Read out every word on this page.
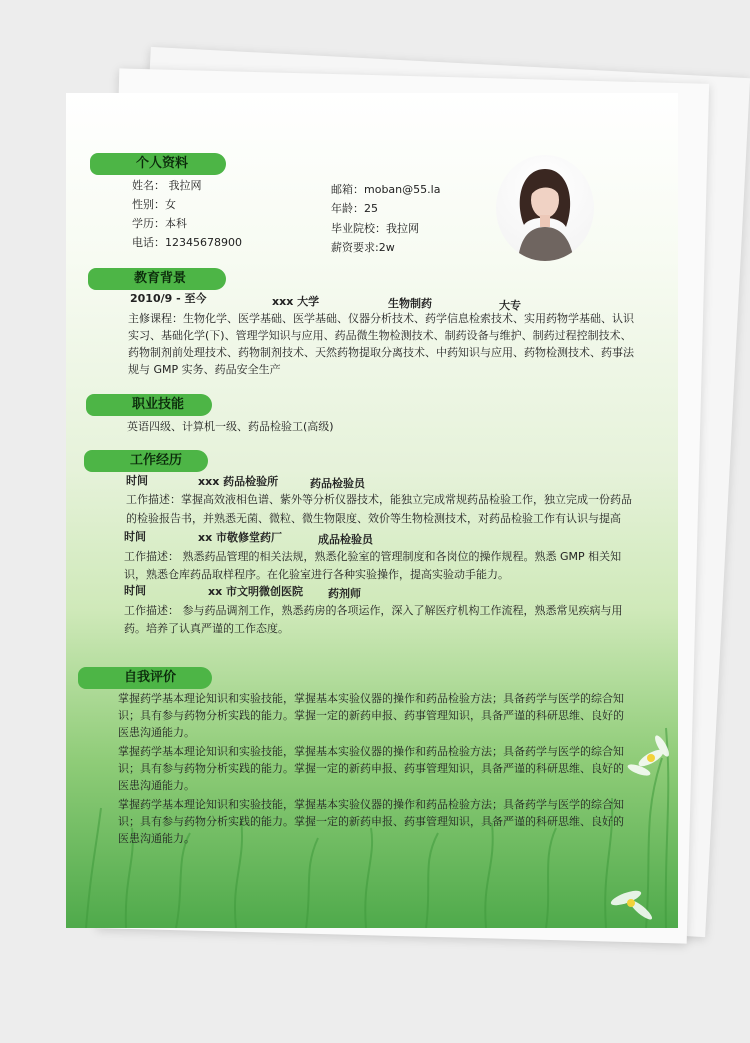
个人资料
姓名： 我拉网
性别：女
学历：本科
电话：12345678900
邮箱：moban@55.la
年龄：25
毕业院校：我拉网
薪资要求:2w
教育背景
2010/9 - 至今	xxx 大学	生物制药	大专
主修课程：生物化学、医学基础、医学基础、仪器分析技术、药学信息检索技术、实用药物学基础、认识
实习、基础化学(下)、管理学知识与应用、药品微生物检测技术、制药设备与维护、制药过程控制技术、
药物制剂前处理技术、药物制剂技术、天然药物提取分离技术、中药知识与应用、药物检测技术、药事法
规与 GMP 实务、药品安全生产
职业技能
英语四级、计算机一级、药品检验工(高级)
工作经历
时间	xxx 药品检验所	药品检验员
工作描述：掌握高效液相色谱、紫外等分析仪器技术，能独立完成常规药品检验工作，独立完成一份药品
的检验报告书，并熟悉无菌、微粒、微生物限度、效价等生物检测技术，对药品检验工作有认识与提高
时间	xx 市敬修堂药厂	成品检验员
工作描述： 熟悉药品管理的相关法规，熟悉化验室的管理制度和各岗位的操作规程。熟悉 GMP 相关知
识，熟悉仓库药品取样程序。在化验室进行各种实验操作，提高实验动手能力。
时间	xx 市文明微创医院 药剂师
工作描述： 参与药品调剂工作，熟悉药房的各项运作，深入了解医疗机构工作流程，熟悉常见疾病与用
药。培养了认真严谨的工作态度。
自我评价
掌握药学基本理论知识和实验技能，掌握基本实验仪器的操作和药品检验方法；具备药学与医学的综合知
识；具有参与药物分析实践的能力。掌握一定的新药申报、药事管理知识，具备严谨的科研思维、良好的
医患沟通能力。
掌握药学基本理论知识和实验技能，掌握基本实验仪器的操作和药品检验方法；具备药学与医学的综合知
识；具有参与药物分析实践的能力。掌握一定的新药申报、药事管理知识，具备严谨的科研思维、良好的
医患沟通能力。
掌握药学基本理论知识和实验技能，掌握基本实验仪器的操作和药品检验方法；具备药学与医学的综合知
识；具有参与药物分析实践的能力。掌握一定的新药申报、药事管理知识，具备严谨的科研思维、良好的
医患沟通能力。
